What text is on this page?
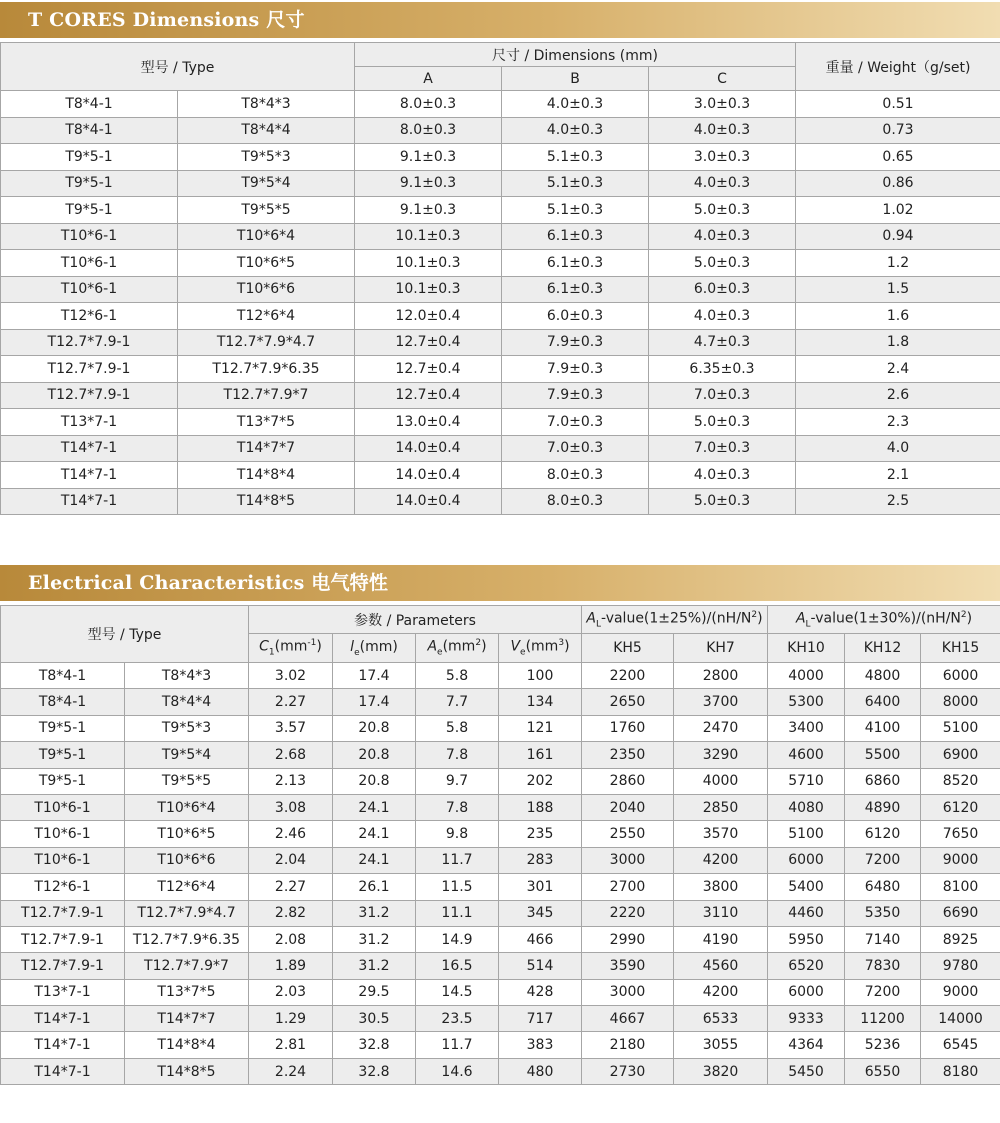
T CORES Dimensions 尺寸
型号 / Type		尺寸 / Dimensions (mm)			重量 / Weight（g/set)
		A	B	C	
T8*4-1	T8*4*3	8.0±0.3	4.0±0.3	3.0±0.3	0.51
T8*4-1	T8*4*4	8.0±0.3	4.0±0.3	4.0±0.3	0.73
T9*5-1	T9*5*3	9.1±0.3	5.1±0.3	3.0±0.3	0.65
T9*5-1	T9*5*4	9.1±0.3	5.1±0.3	4.0±0.3	0.86
T9*5-1	T9*5*5	9.1±0.3	5.1±0.3	5.0±0.3	1.02
T10*6-1	T10*6*4	10.1±0.3	6.1±0.3	4.0±0.3	0.94
T10*6-1	T10*6*5	10.1±0.3	6.1±0.3	5.0±0.3	1.2
T10*6-1	T10*6*6	10.1±0.3	6.1±0.3	6.0±0.3	1.5
T12*6-1	T12*6*4	12.0±0.4	6.0±0.3	4.0±0.3	1.6
T12.7*7.9-1	T12.7*7.9*4.7	12.7±0.4	7.9±0.3	4.7±0.3	1.8
T12.7*7.9-1	T12.7*7.9*6.35	12.7±0.4	7.9±0.3	6.35±0.3	2.4
T12.7*7.9-1	T12.7*7.9*7	12.7±0.4	7.9±0.3	7.0±0.3	2.6
T13*7-1	T13*7*5	13.0±0.4	7.0±0.3	5.0±0.3	2.3
T14*7-1	T14*7*7	14.0±0.4	7.0±0.3	7.0±0.3	4.0
T14*7-1	T14*8*4	14.0±0.4	8.0±0.3	4.0±0.3	2.1
T14*7-1	T14*8*5	14.0±0.4	8.0±0.3	5.0±0.3	2.5
Electrical Characteristics 电气特性
型号 / Type		参数 / Parameters				$A_L-value(1\pm 25\%)/(nH/N^2)$		$A_L-value(1\pm 30\%)/(nH/N^2)$		
		$C_1(mm^{-1})$	$l_e(mm)$	$A_e(mm^2)$	$V_e(mm^3)$	KH5	KH7	KH10	KH12	KH15
T8*4-1	T8*4*3	3.02	17.4	5.8	100	2200	2800	4000	4800	6000
T8*4-1	T8*4*4	2.27	17.4	7.7	134	2650	3700	5300	6400	8000
T9*5-1	T9*5*3	3.57	20.8	5.8	121	1760	2470	3400	4100	5100
T9*5-1	T9*5*4	2.68	20.8	7.8	161	2350	3290	4600	5500	6900
T9*5-1	T9*5*5	2.13	20.8	9.7	202	2860	4000	5710	6860	8520
T10*6-1	T10*6*4	3.08	24.1	7.8	188	2040	2850	4080	4890	6120
T10*6-1	T10*6*5	2.46	24.1	9.8	235	2550	3570	5100	6120	7650
T10*6-1	T10*6*6	2.04	24.1	11.7	283	3000	4200	6000	7200	9000
T12*6-1	T12*6*4	2.27	26.1	11.5	301	2700	3800	5400	6480	8100
T12.7*7.9-1	T12.7*7.9*4.7	2.82	31.2	11.1	345	2220	3110	4460	5350	6690
T12.7*7.9-1	T12.7*7.9*6.35	2.08	31.2	14.9	466	2990	4190	5950	7140	8925
T12.7*7.9-1	T12.7*7.9*7	1.89	31.2	16.5	514	3590	4560	6520	7830	9780
T13*7-1	T13*7*5	2.03	29.5	14.5	428	3000	4200	6000	7200	9000
T14*7-1	T14*7*7	1.29	30.5	23.5	717	4667	6533	9333	11200	14000
T14*7-1	T14*8*4	2.81	32.8	11.7	383	2180	3055	4364	5236	6545
T14*7-1	T14*8*5	2.24	32.8	14.6	480	2730	3820	5450	6550	8180
